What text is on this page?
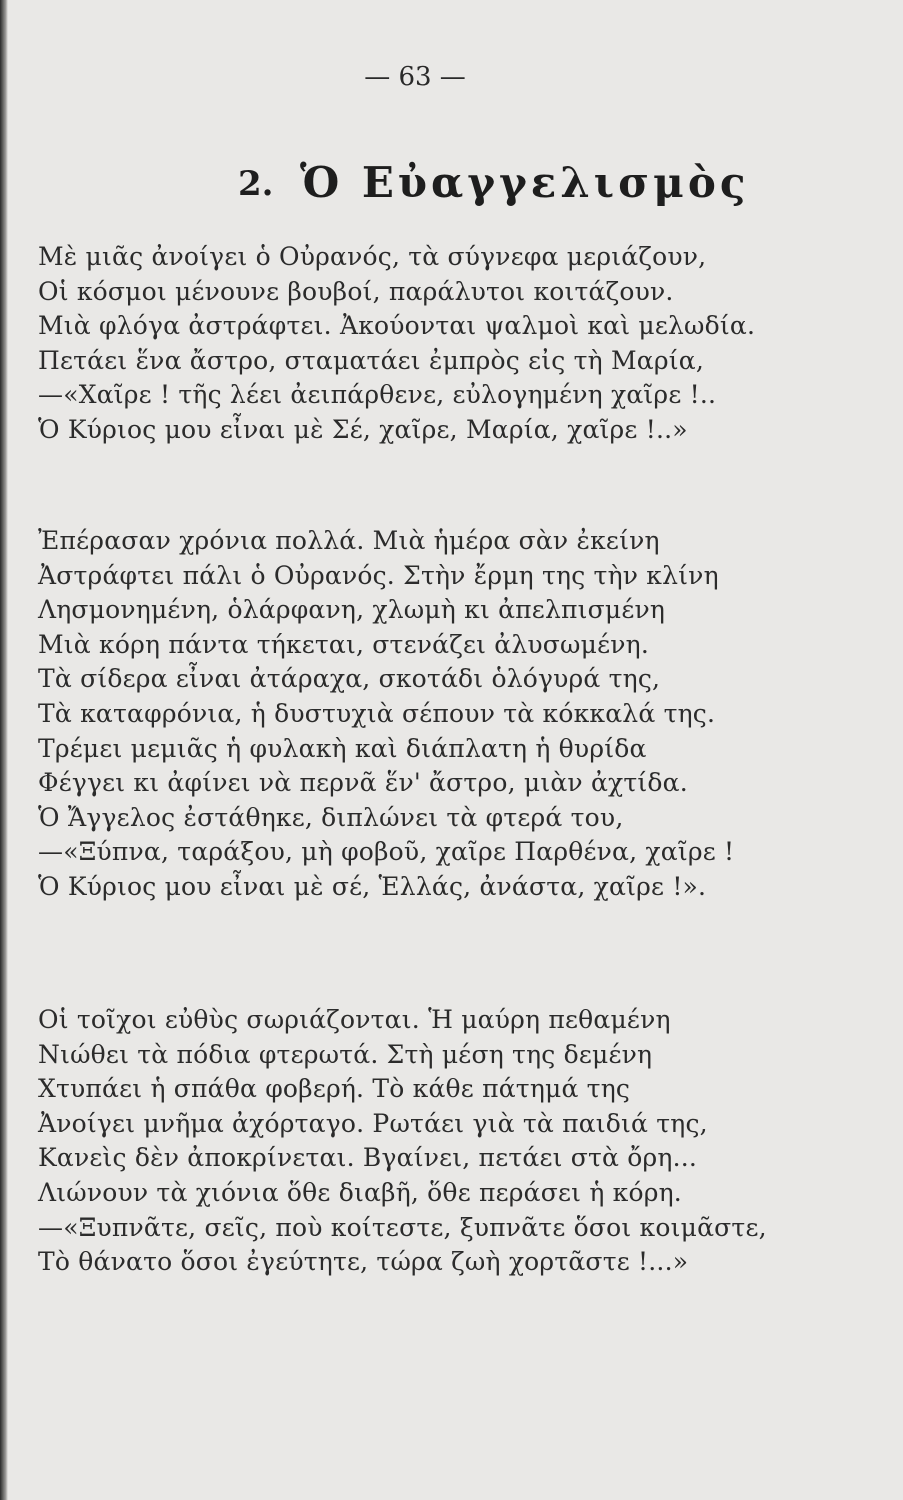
— 63 —
2. Ὁ Εὐαγγελισμὸς
Μὲ μιᾶς ἀνοίγει ὁ Οὐρανός, τὰ σύγνεφα μεριάζουν,
Οἱ κόσμοι μένουνε βουβοί, παράλυτοι κοιτάζουν.
Μιὰ φλόγα ἀστράφτει. Ἀκούονται ψαλμοὶ καὶ μελωδία.
Πετάει ἕνα ἄστρο, σταματάει ἐμπρὸς εἰς τὴ Μαρία,
—«Χαῖρε ! τῆς λέει ἀειπάρθενε, εὐλογημένη χαῖρε !..
Ὁ Κύριος μου εἶναι μὲ Σέ, χαῖρε, Μαρία, χαῖρε !..»
Ἐπέρασαν χρόνια πολλά. Μιὰ ἡμέρα σὰν ἐκείνη
Ἀστράφτει πάλι ὁ Οὐρανός. Στὴν ἔρμη της τὴν κλίνη
Λησμονημένη, ὁλάρφανη, χλωμὴ κι ἀπελπισμένη
Μιὰ κόρη πάντα τήκεται, στενάζει ἀλυσωμένη.
Τὰ σίδερα εἶναι ἀτάραχα, σκοτάδι ὁλόγυρά της,
Τὰ καταφρόνια, ἡ δυστυχιὰ σέπουν τὰ κόκκαλά της.
Τρέμει μεμιᾶς ἡ φυλακὴ καὶ διάπλατη ἡ θυρίδα
Φέγγει κι ἀφίνει νὰ περνᾶ ἕν' ἄστρο, μιὰν ἀχτίδα.
Ὁ Ἄγγελος ἐστάθηκε, διπλώνει τὰ φτερά του,
—«Ξύπνα, ταράξου, μὴ φοβοῦ, χαῖρε Παρθένα, χαῖρε !
Ὁ Κύριος μου εἶναι μὲ σέ, Ἑλλάς, ἀνάστα, χαῖρε !».
Οἱ τοῖχοι εὐθὺς σωριάζονται. Ἡ μαύρη πεθαμένη
Νιώθει τὰ πόδια φτερωτά. Στὴ μέση της δεμένη
Χτυπάει ἡ σπάθα φοβερή. Τὸ κάθε πάτημά της
Ἀνοίγει μνῆμα ἀχόρταγο. Ρωτάει γιὰ τὰ παιδιά της,
Κανεὶς δὲν ἀποκρίνεται. Βγαίνει, πετάει στὰ ὄρη...
Λιώνουν τὰ χιόνια ὅθε διαβῆ, ὅθε περάσει ἡ κόρη.
—«Ξυπνᾶτε, σεῖς, ποὺ κοίτεστε, ξυπνᾶτε ὅσοι κοιμᾶστε,
Τὸ θάνατο ὅσοι ἐγεύτητε, τώρα ζωὴ χορτᾶστε !...»
